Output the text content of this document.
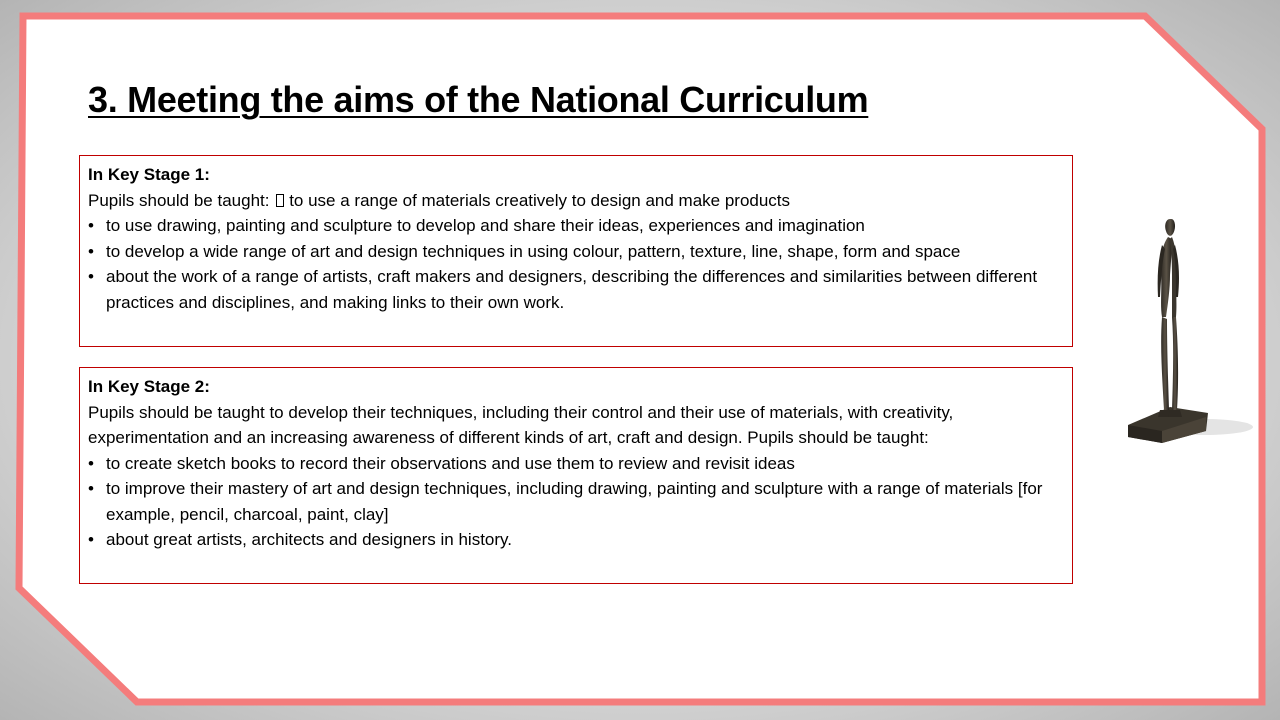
3. Meeting the aims of the National Curriculum

In Key Stage 1:

Pupils should be taught: to use a range of materials creatively to design and make products

• to use drawing, painting and sculpture to develop and share their ideas, experiences and imagination
• to develop a wide range of art and design techniques in using colour, pattern, texture, line, shape, form and space
• about the work of a range of artists, craft makers and designers, describing the differences and similarities between different practices and disciplines, and making links to their own work.

In Key Stage 2:

Pupils should be taught to develop their techniques, including their control and their use of materials, with creativity, experimentation and an increasing awareness of different kinds of art, craft and design. Pupils should be taught:

• to create sketch books to record their observations and use them to review and revisit ideas
• to improve their mastery of art and design techniques, including drawing, painting and sculpture with a range of materials [for example, pencil, charcoal, paint, clay]
• about great artists, architects and designers in history.
